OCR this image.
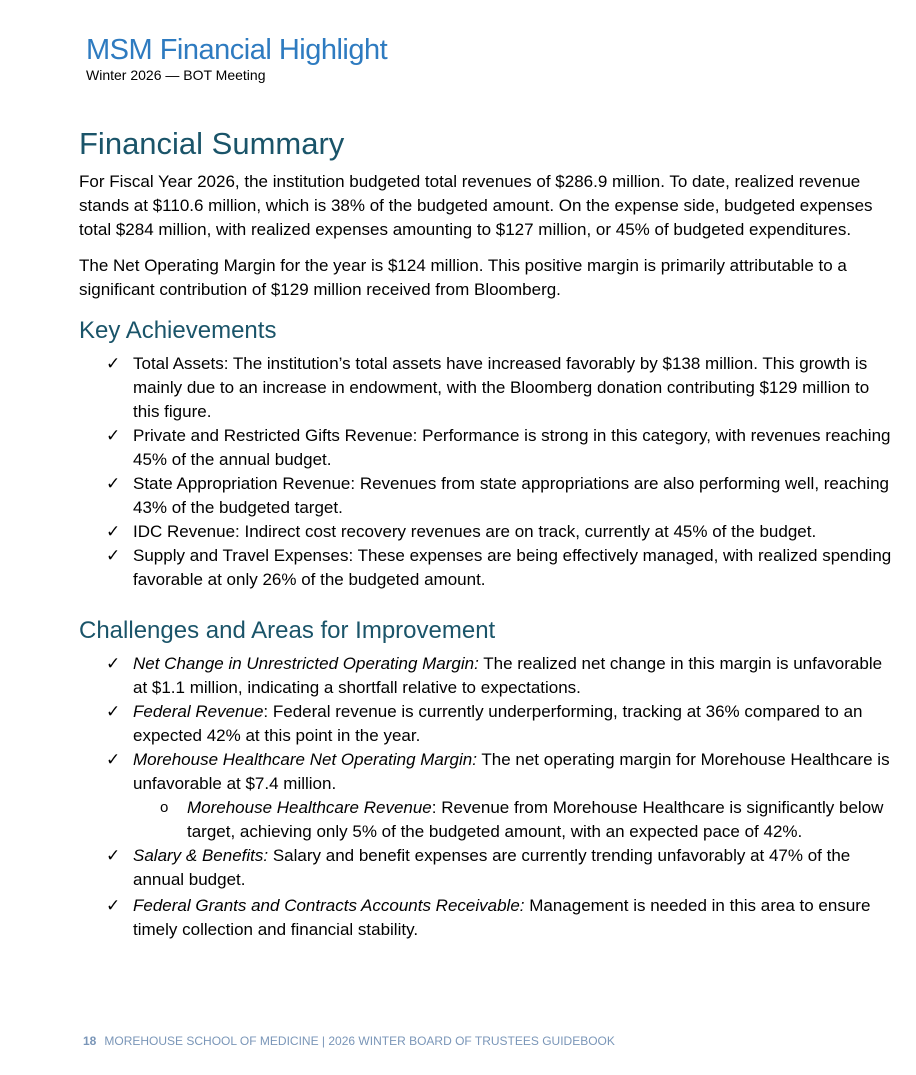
MSM Financial Highlight
Winter 2026 — BOT Meeting
Financial Summary

For Fiscal Year 2026, the institution budgeted total revenues of $286.9 million. To date, realized revenue stands at $110.6 million, which is 38% of the budgeted amount. On the expense side, budgeted expenses total $284 million, with realized expenses amounting to $127 million, or 45% of budgeted expenditures.

The Net Operating Margin for the year is $124 million. This positive margin is primarily attributable to a significant contribution of $129 million received from Bloomberg.

Key Achievements
✓ Total Assets: The institution’s total assets have increased favorably by $138 million. This growth is mainly due to an increase in endowment, with the Bloomberg donation contributing $129 million to this figure.
✓ Private and Restricted Gifts Revenue: Performance is strong in this category, with revenues reaching 45% of the annual budget.
✓ State Appropriation Revenue: Revenues from state appropriations are also performing well, reaching 43% of the budgeted target.
✓ IDC Revenue: Indirect cost recovery revenues are on track, currently at 45% of the budget.
✓ Supply and Travel Expenses: These expenses are being effectively managed, with realized spending favorable at only 26% of the budgeted amount.
Challenges and Areas for Improvement
✓ Net Change in Unrestricted Operating Margin: The realized net change in this margin is unfavorable at $1.1 million, indicating a shortfall relative to expectations.
✓ Federal Revenue: Federal revenue is currently underperforming, tracking at 36% compared to an expected 42% at this point in the year.
✓ Morehouse Healthcare Net Operating Margin: The net operating margin for Morehouse Healthcare is unfavorable at $7.4 million.
o Morehouse Healthcare Revenue: Revenue from Morehouse Healthcare is significantly below target, achieving only 5% of the budgeted amount, with an expected pace of 42%.
✓ Salary & Benefits: Salary and benefit expenses are currently trending unfavorably at 47% of the annual budget.
✓ Federal Grants and Contracts Accounts Receivable: Management is needed in this area to ensure timely collection and financial stability.
18 MOREHOUSE SCHOOL OF MEDICINE | 2026 WINTER BOARD OF TRUSTEES GUIDEBOOK
